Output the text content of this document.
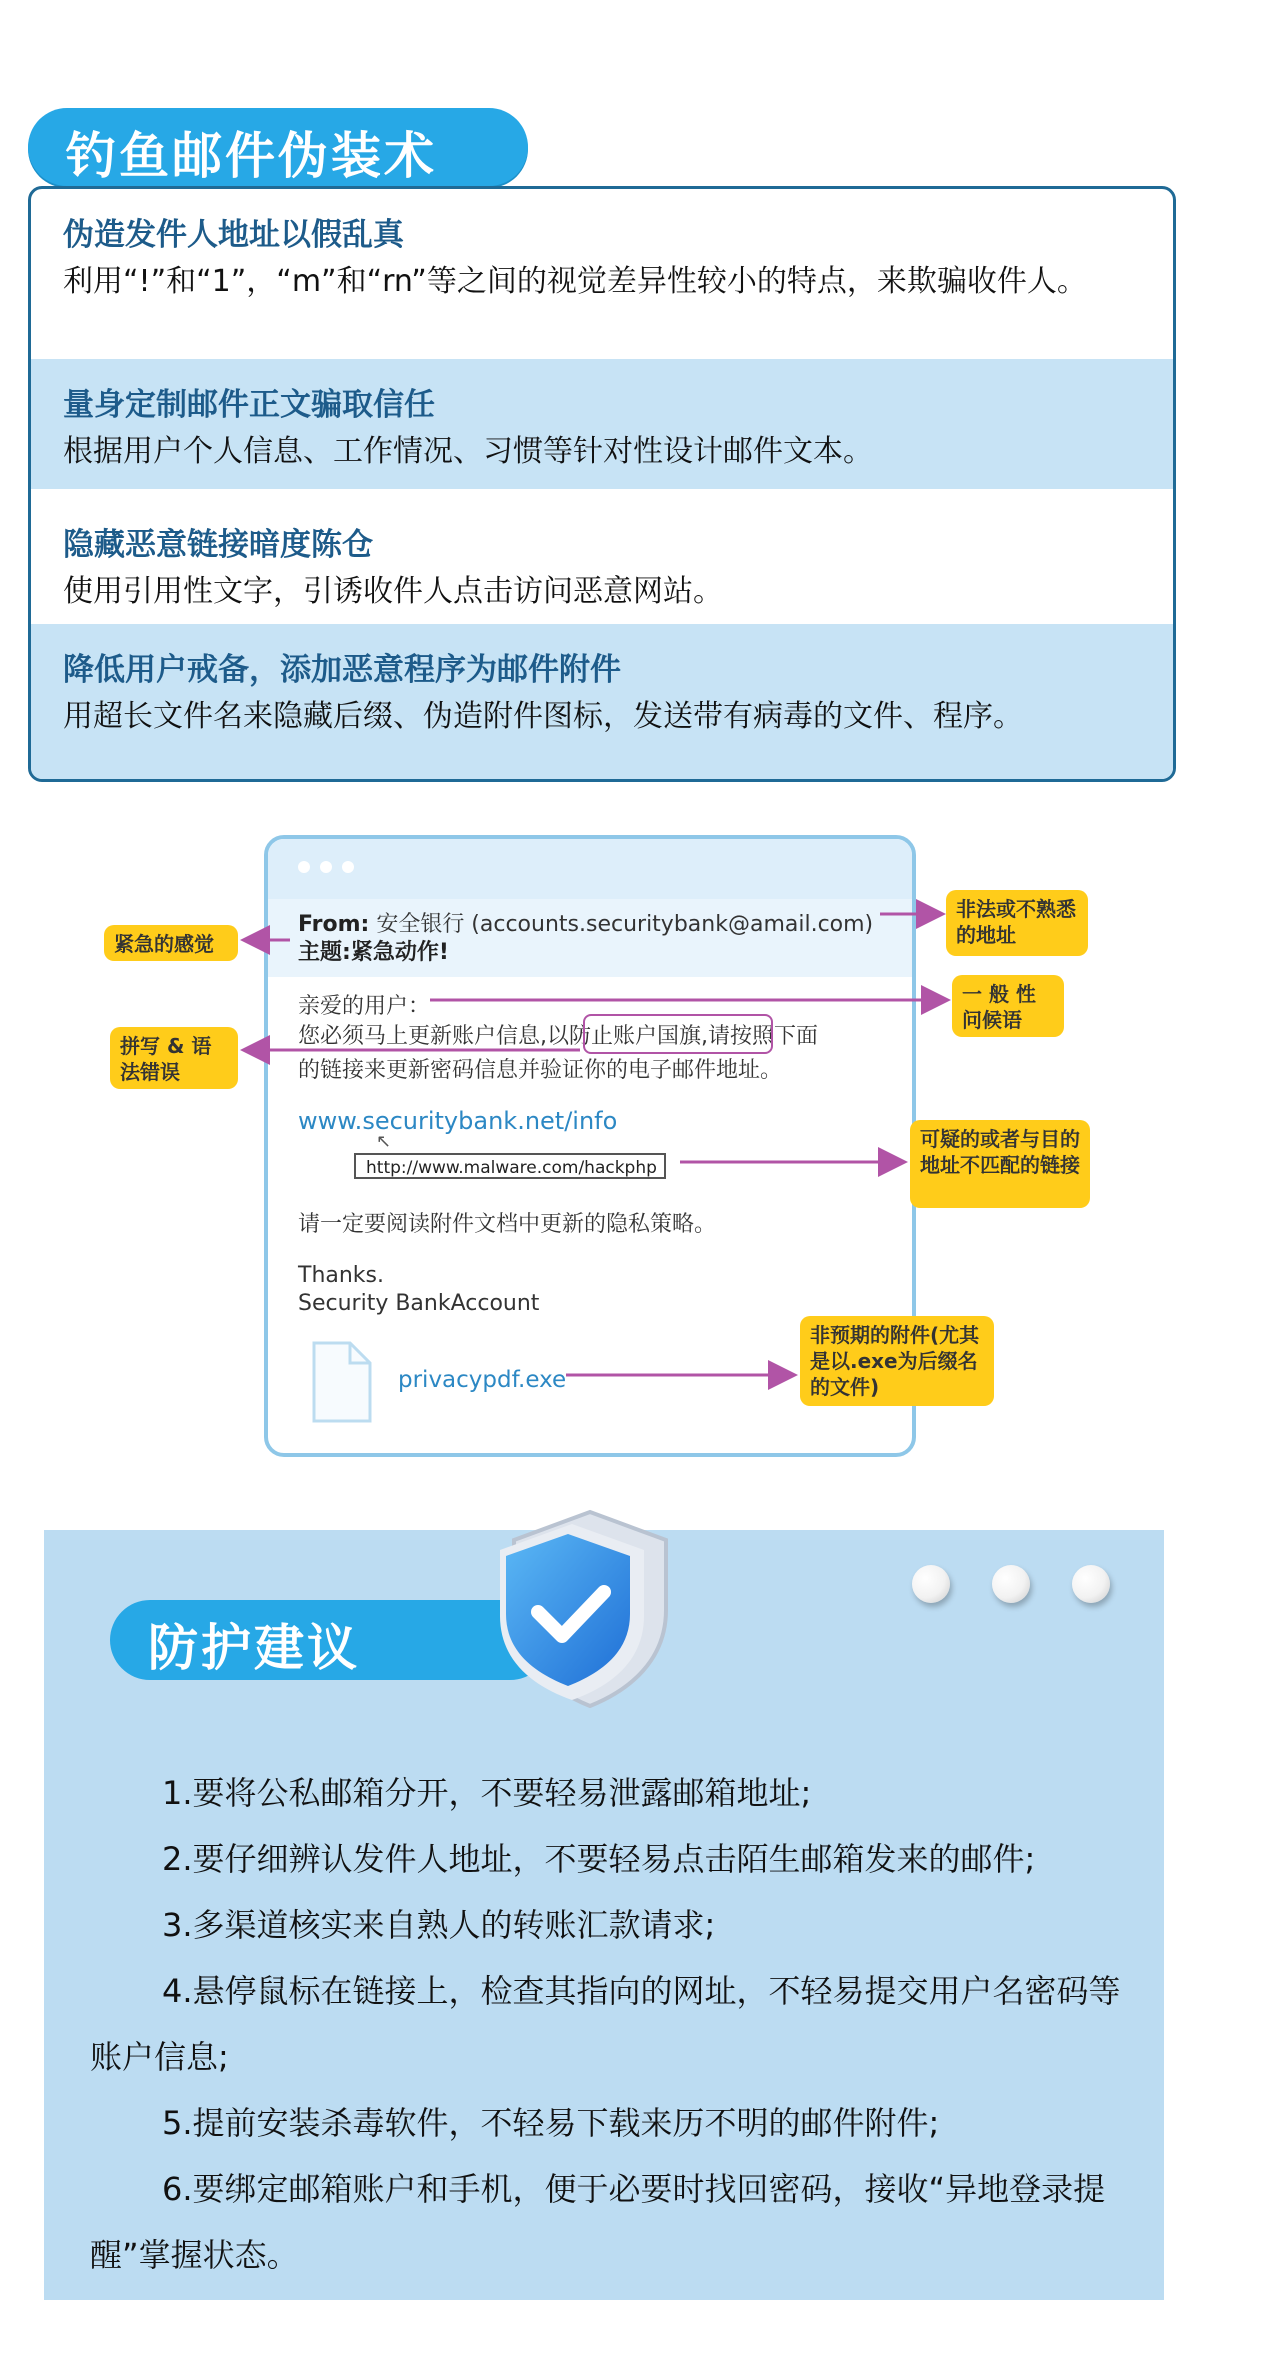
钓鱼邮件伪装术
伪造发件人地址以假乱真

利用“!”和“1”，“m”和“rn”等之间的视觉差异性较小的特点，来欺骗收件人。

量身定制邮件正文骗取信任

根据用户个人信息、工作情况、习惯等针对性设计邮件文本。

隐藏恶意链接暗度陈仓

使用引用性文字，引诱收件人点击访问恶意网站。

降低用户戒备，添加恶意程序为邮件附件

用超长文件名来隐藏后缀、伪造附件图标，发送带有病毒的文件、程序。

From: 安全银行 (accounts.securitybank@amail.com)
主题:紧急动作!
亲爱的用户：
您必须马上更新账户信息,以防止账户国旗,请按照下面
的链接来更新密码信息并验证你的电子邮件地址。
www.securitybank.net/info
↖
http://www.malware.com/hackphp
请一定要阅读附件文档中更新的隐私策略。
Thanks.
Security BankAccount
privacypdf.exe
非法或不熟悉的地址
紧急的感觉
一 般 性 问候语
拼写 & 语法错误
可疑的或者与目的地址不匹配的链接
非预期的附件(尤其是以.exe为后缀名的文件)
防护建议

1.要将公私邮箱分开，不要轻易泄露邮箱地址;

2.要仔细辨认发件人地址，不要轻易点击陌生邮箱发来的邮件;

3.多渠道核实来自熟人的转账汇款请求;

4.悬停鼠标在链接上，检查其指向的网址，不轻易提交用户名密码等账户信息;

5.提前安装杀毒软件，不轻易下载来历不明的邮件附件;

6.要绑定邮箱账户和手机，便于必要时找回密码，接收“异地登录提醒”掌握状态。
